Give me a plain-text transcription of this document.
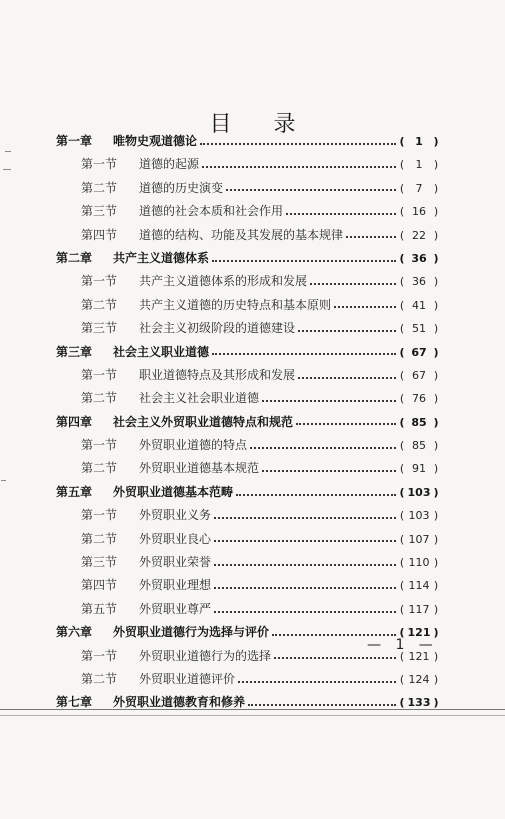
目 录
第一章	唯物史观道德论	( 1 )
第一节	道德的起源	(	1	)
第二节	道德的历史演变	(	7	)
第三节	道德的社会本质和社会作用	( 16 )
第四节	道德的结构、功能及其发展的基本规律	( 22 )
第二章	共产主义道德体系	( 36 )
第一节	共产主义道德体系的形成和发展	( 36 )
第二节	共产主义道德的历史特点和基本原则	( 41 )
第三节	社会主义初级阶段的道德建设	( 51 )
第三章	社会主义职业道德	( 67 )
第一节	职业道德特点及其形成和发展	( 67 )
第二节	社会主义社会职业道德	( 76 )
第四章	社会主义外贸职业道德特点和规范	( 85 )
第一节	外贸职业道德的特点	( 85 )
第二节	外贸职业道德基本规范	( 91 )
第五章	外贸职业道德基本范畴	( 103 )
第一节	外贸职业义务	( 103 )
第二节	外贸职业良心	( 107 )
第三节	外贸职业荣誉	( 110 )
第四节	外贸职业理想	( 114 )
第五节	外贸职业尊严	( 117 )
第六章	外贸职业道德行为选择与评价	( 121 )
第一节	外贸职业道德行为的选择	( 121 )
第二节	外贸职业道德评价	( 124 )
第七章	外贸职业道德教育和修养	( 133 )
— 1 —
